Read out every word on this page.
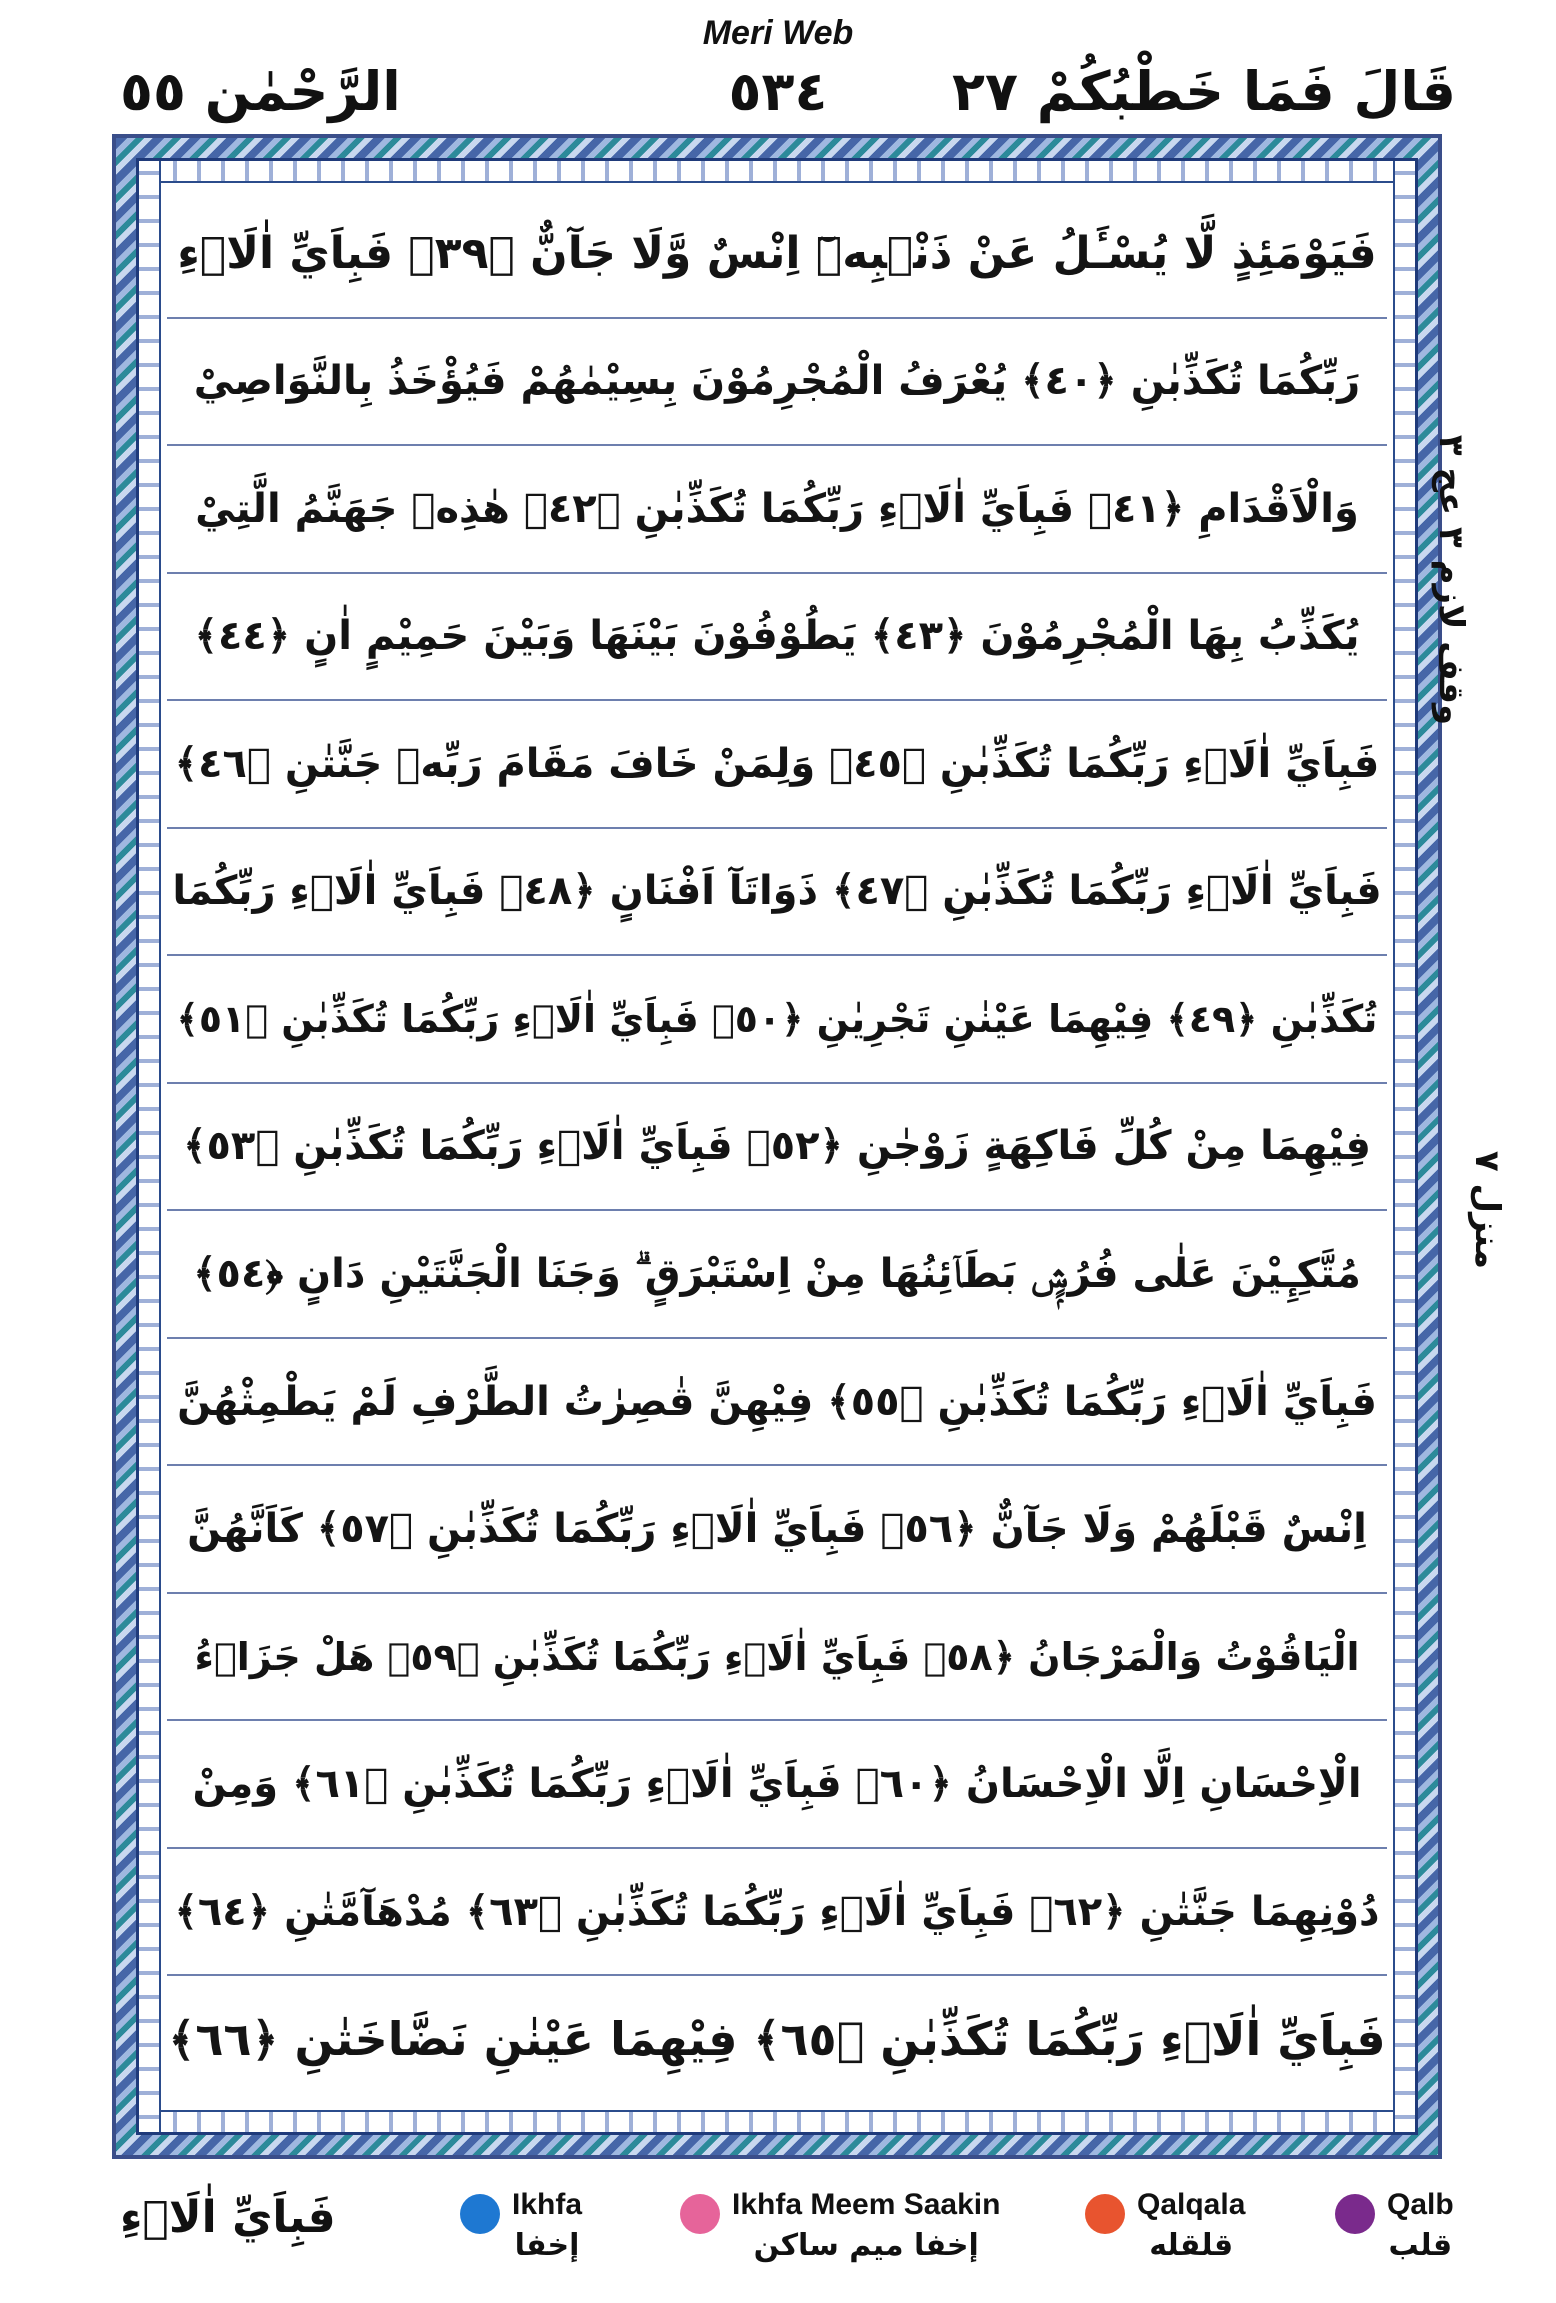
Meri Web
قَالَ فَمَا خَطْبُكُمْ ٢٧
٥٣٤
الرَّحْمٰن ٥٥
فَيَوْمَئِذٍ لَّا يُسْـَٔلُ عَنْ ذَنْۢبِهٖٓ اِنْسٌ وَّلَا جَآنٌّ ﴿٣٩﴾ فَبِاَيِّ اٰلَاۤءِ
رَبِّكُمَا تُكَذِّبٰنِ ﴿٤٠﴾ يُعْرَفُ الْمُجْرِمُوْنَ بِسِيْمٰهُمْ فَيُؤْخَذُ بِالنَّوَاصِيْ
وَالْاَقْدَامِ ﴿٤١﴾ فَبِاَيِّ اٰلَاۤءِ رَبِّكُمَا تُكَذِّبٰنِ ﴿٤٢﴾ هٰذِهٖ جَهَنَّمُ الَّتِيْ
يُكَذِّبُ بِهَا الْمُجْرِمُوْنَ ﴿٤٣﴾ يَطُوْفُوْنَ بَيْنَهَا وَبَيْنَ حَمِيْمٍ اٰنٍ ﴿٤٤﴾
فَبِاَيِّ اٰلَاۤءِ رَبِّكُمَا تُكَذِّبٰنِ ﴿٤٥﴾ وَلِمَنْ خَافَ مَقَامَ رَبِّهٖ جَنَّتٰنِ ﴿٤٦﴾
فَبِاَيِّ اٰلَاۤءِ رَبِّكُمَا تُكَذِّبٰنِ ﴿٤٧﴾ ذَوَاتَآ اَفْنَانٍ ﴿٤٨﴾ فَبِاَيِّ اٰلَاۤءِ رَبِّكُمَا
تُكَذِّبٰنِ ﴿٤٩﴾ فِيْهِمَا عَيْنٰنِ تَجْرِيٰنِ ﴿٥٠﴾ فَبِاَيِّ اٰلَاۤءِ رَبِّكُمَا تُكَذِّبٰنِ ﴿٥١﴾
فِيْهِمَا مِنْ كُلِّ فَاكِهَةٍ زَوْجٰنِ ﴿٥٢﴾ فَبِاَيِّ اٰلَاۤءِ رَبِّكُمَا تُكَذِّبٰنِ ﴿٥٣﴾
مُتَّكِـِٕيْنَ عَلٰى فُرُشٍۭ بَطَاۤئِنُهَا مِنْ اِسْتَبْرَقٍ ۗ وَجَنَا الْجَنَّتَيْنِ دَانٍ ﴿٥٤﴾
فَبِاَيِّ اٰلَاۤءِ رَبِّكُمَا تُكَذِّبٰنِ ﴿٥٥﴾ فِيْهِنَّ قٰصِرٰتُ الطَّرْفِ لَمْ يَطْمِثْهُنَّ
اِنْسٌ قَبْلَهُمْ وَلَا جَآنٌّ ﴿٥٦﴾ فَبِاَيِّ اٰلَاۤءِ رَبِّكُمَا تُكَذِّبٰنِ ﴿٥٧﴾ كَاَنَّهُنَّ
الْيَاقُوْتُ وَالْمَرْجَانُ ﴿٥٨﴾ فَبِاَيِّ اٰلَاۤءِ رَبِّكُمَا تُكَذِّبٰنِ ﴿٥٩﴾ هَلْ جَزَاۤءُ
الْاِحْسَانِ اِلَّا الْاِحْسَانُ ﴿٦٠﴾ فَبِاَيِّ اٰلَاۤءِ رَبِّكُمَا تُكَذِّبٰنِ ﴿٦١﴾ وَمِنْ
دُوْنِهِمَا جَنَّتٰنِ ﴿٦٢﴾ فَبِاَيِّ اٰلَاۤءِ رَبِّكُمَا تُكَذِّبٰنِ ﴿٦٣﴾ مُدْهَآمَّتٰنِ ﴿٦٤﴾
فَبِاَيِّ اٰلَاۤءِ رَبِّكُمَا تُكَذِّبٰنِ ﴿٦٥﴾ فِيْهِمَا عَيْنٰنِ نَضَّاخَتٰنِ ﴿٦٦﴾
وقف لازم ٣ عج ٣
منزل ٧
فَبِاَيِّ اٰلَاۤءِ	Ikhfa
إخفا
Ikhfa Meem Saakin
إخفا ميم ساكن
Qalqala
قلقله
Qalb
قلب
